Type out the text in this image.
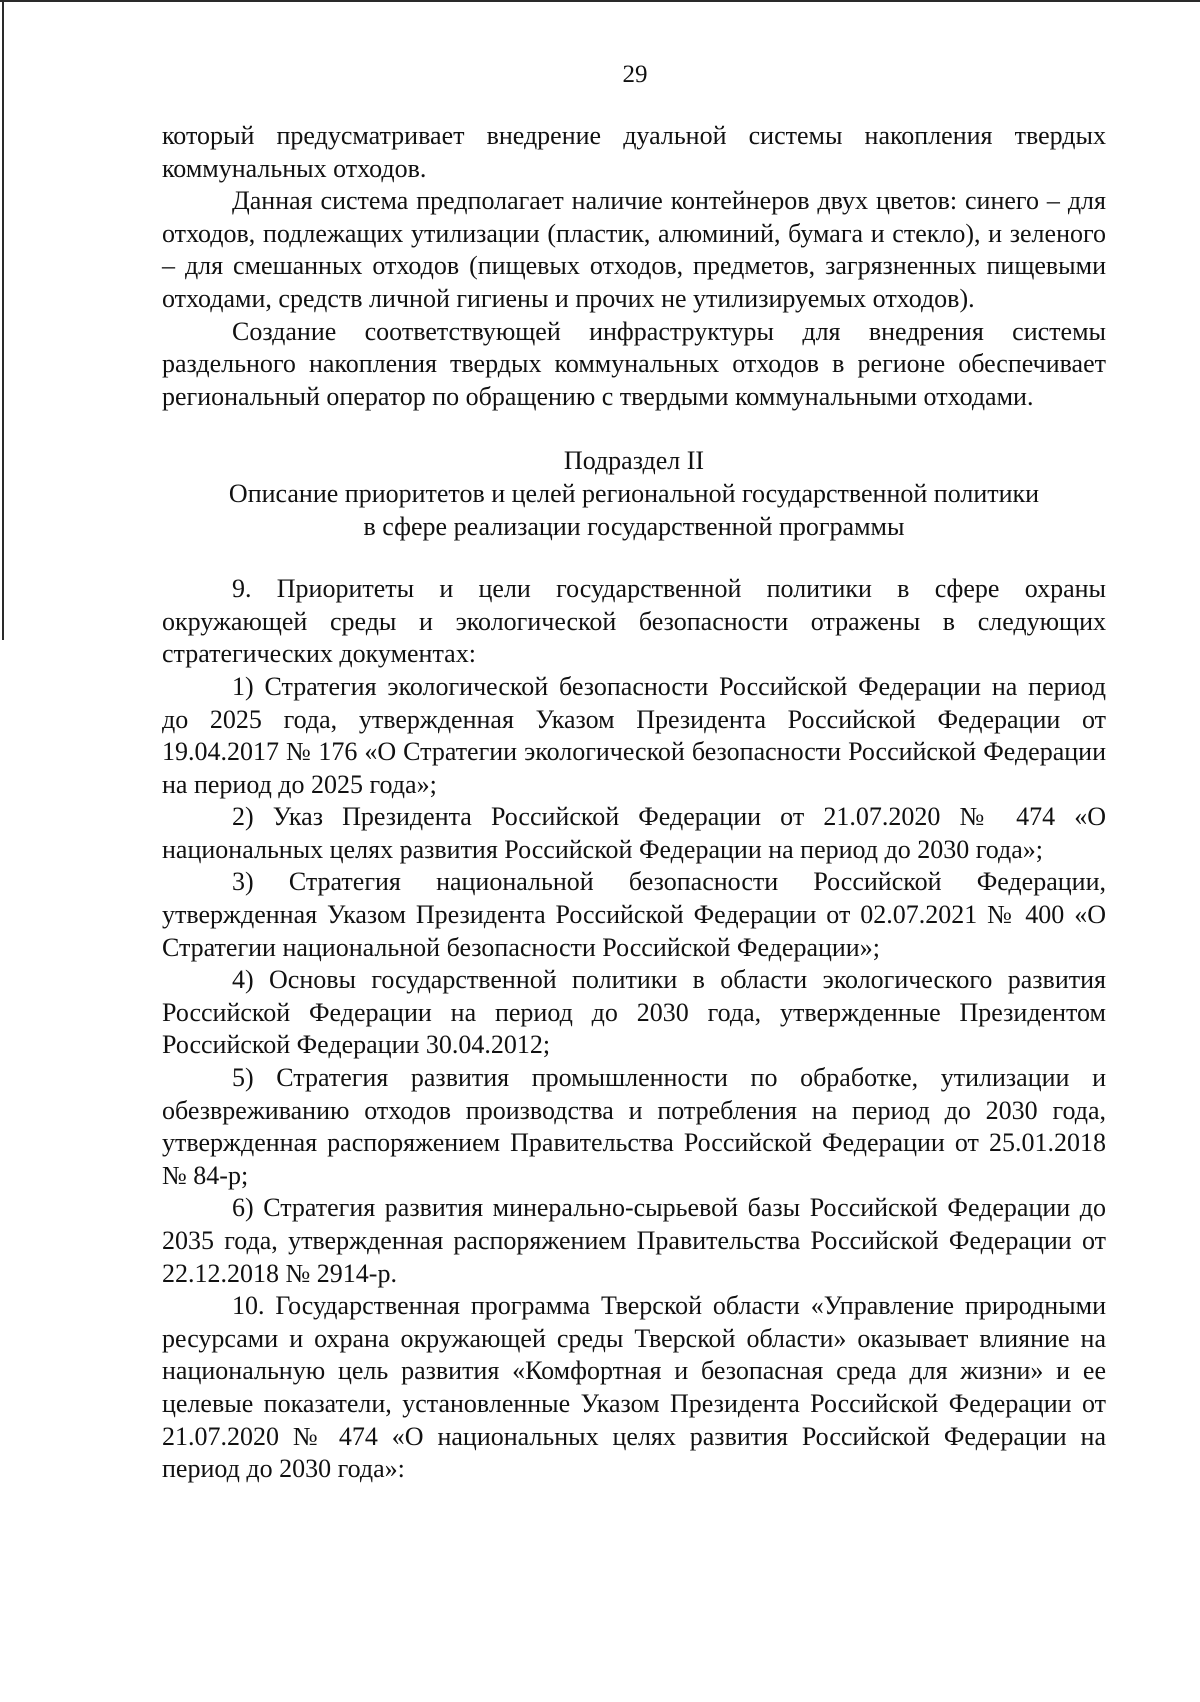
29

который предусматривает внедрение дуальной системы накопления твердых коммунальных отходов.

Данная система предполагает наличие контейнеров двух цветов: синего – для отходов, подлежащих утилизации (пластик, алюминий, бумага и стекло), и зеленого – для смешанных отходов (пищевых отходов, предметов, загрязненных пищевыми отходами, средств личной гигиены и прочих не утилизируемых отходов).

Создание соответствующей инфраструктуры для внедрения системы раздельного накопления твердых коммунальных отходов в регионе обеспечивает региональный оператор по обращению с твердыми коммунальными отходами.

Подраздел II

Описание приоритетов и целей региональной государственной политики

в сфере реализации государственной программы

9. Приоритеты и цели государственной политики в сфере охраны окружающей среды и экологической безопасности отражены в следующих стратегических документах:

1) Стратегия экологической безопасности Российской Федерации на период до 2025 года, утвержденная Указом Президента Российской Федерации от 19.04.2017 № 176 «О Стратегии экологической безопасности Российской Федерации на период до 2025 года»;

2) Указ Президента Российской Федерации от 21.07.2020 № 474 «О национальных целях развития Российской Федерации на период до 2030 года»;

3) Стратегия национальной безопасности Российской Федерации, утвержденная Указом Президента Российской Федерации от 02.07.2021 № 400 «О Стратегии национальной безопасности Российской Федерации»;

4) Основы государственной политики в области экологического развития Российской Федерации на период до 2030 года, утвержденные Президентом Российской Федерации 30.04.2012;

5) Стратегия развития промышленности по обработке, утилизации и обезвреживанию отходов производства и потребления на период до 2030 года, утвержденная распоряжением Правительства Российской Федерации от 25.01.2018 № 84-р;

6) Стратегия развития минерально-сырьевой базы Российской Федерации до 2035 года, утвержденная распоряжением Правительства Российской Федерации от 22.12.2018 № 2914-р.

10. Государственная программа Тверской области «Управление природными ресурсами и охрана окружающей среды Тверской области» оказывает влияние на национальную цель развития «Комфортная и безопасная среда для жизни» и ее целевые показатели, установленные Указом Президента Российской Федерации от 21.07.2020 № 474 «О национальных целях развития Российской Федерации на период до 2030 года»:
